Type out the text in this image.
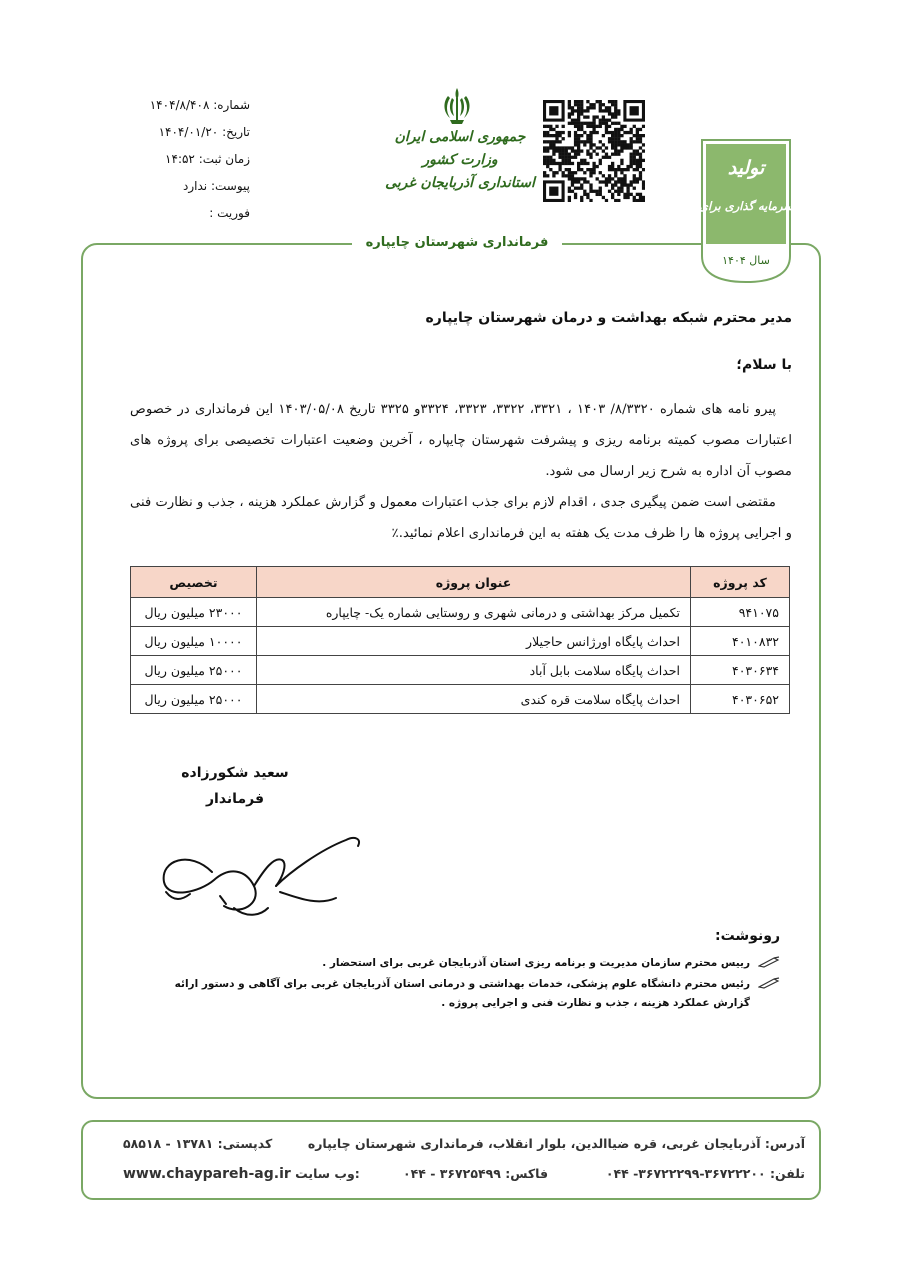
شماره: ۱۴۰۴/۸/۴۰۸
تاریخ: ۱۴۰۴/۰۱/۲۰
زمان ثبت: ۱۴:۵۲
پیوست: ندارد
فوریت :
جمهوری اسلامی ایران
وزارت کشور
استانداری آذربایجان غربی
تولید
سرمایه گذاری برای
سال ۱۴۰۴
فرمانداری شهرستان چایپاره
مدیر محترم شبکه بهداشت و درمان شهرستان چایپاره
با سلام؛

پیرو نامه های شماره ۸/۳۳۲۰/ ۱۴۰۳ ، ۳۳۲۱، ۳۳۲۲، ۳۳۲۳، ۳۳۲۴و ۳۳۲۵ تاریخ ۱۴۰۳/۰۵/۰۸ این فرمانداری در خصوص اعتبارات مصوب کمیته برنامه ریزی و پیشرفت شهرستان چایپاره ، آخرین وضعیت اعتبارات تخصیصی برای پروژه های مصوب آن اداره به شرح زیر ارسال می شود.

مقتضی است ضمن پیگیری جدی ، اقدام لازم برای جذب اعتبارات معمول و گزارش عملکرد هزینه ، جذب و نظارت فنی و اجرایی پروژه ها را ظرف مدت یک هفته به این فرمانداری اعلام نمائید.٪

کد پروژه	عنوان پروژه	تخصیص
۹۴۱۰۷۵	تکمیل مرکز بهداشتی و درمانی شهری و روستایی شماره یک- چایپاره	۲۳۰۰۰ میلیون ریال
۴۰۱۰۸۳۲	احداث پایگاه اورژانس حاجیلار	۱۰۰۰۰ میلیون ریال
۴۰۳۰۶۳۴	احداث پایگاه سلامت بابل آباد	۲۵۰۰۰ میلیون ریال
۴۰۳۰۶۵۲	احداث پایگاه سلامت قره کندی	۲۵۰۰۰ میلیون ریال
سعید شکورزاده
فرماندار
رونوشت:
رییس محترم سازمان مدیریت و برنامه ریزی استان آذربایجان غربی برای استحضار .
رئیس محترم دانشگاه علوم پزشکی، خدمات بهداشتی و درمانی استان آذربایجان غربی برای آگاهی و دستور ارائه گزارش عملکرد هزینه ، جذب و نظارت فنی و اجرایی پروژه .
آدرس: آذربایجان غربی، قره ضیاالدین، بلوار انقلاب، فرمانداری شهرستان چایپاره
کدپستی: ۱۳۷۸۱ - ۵۸۵۱۸
تلفن: ۳۶۷۲۲۲۰۰-۳۶۷۲۲۲۹۹- ۰۴۴
فاکس: ۳۶۷۲۵۴۹۹ - ۰۴۴
www.chaypareh-ag.ir وب سایت:
